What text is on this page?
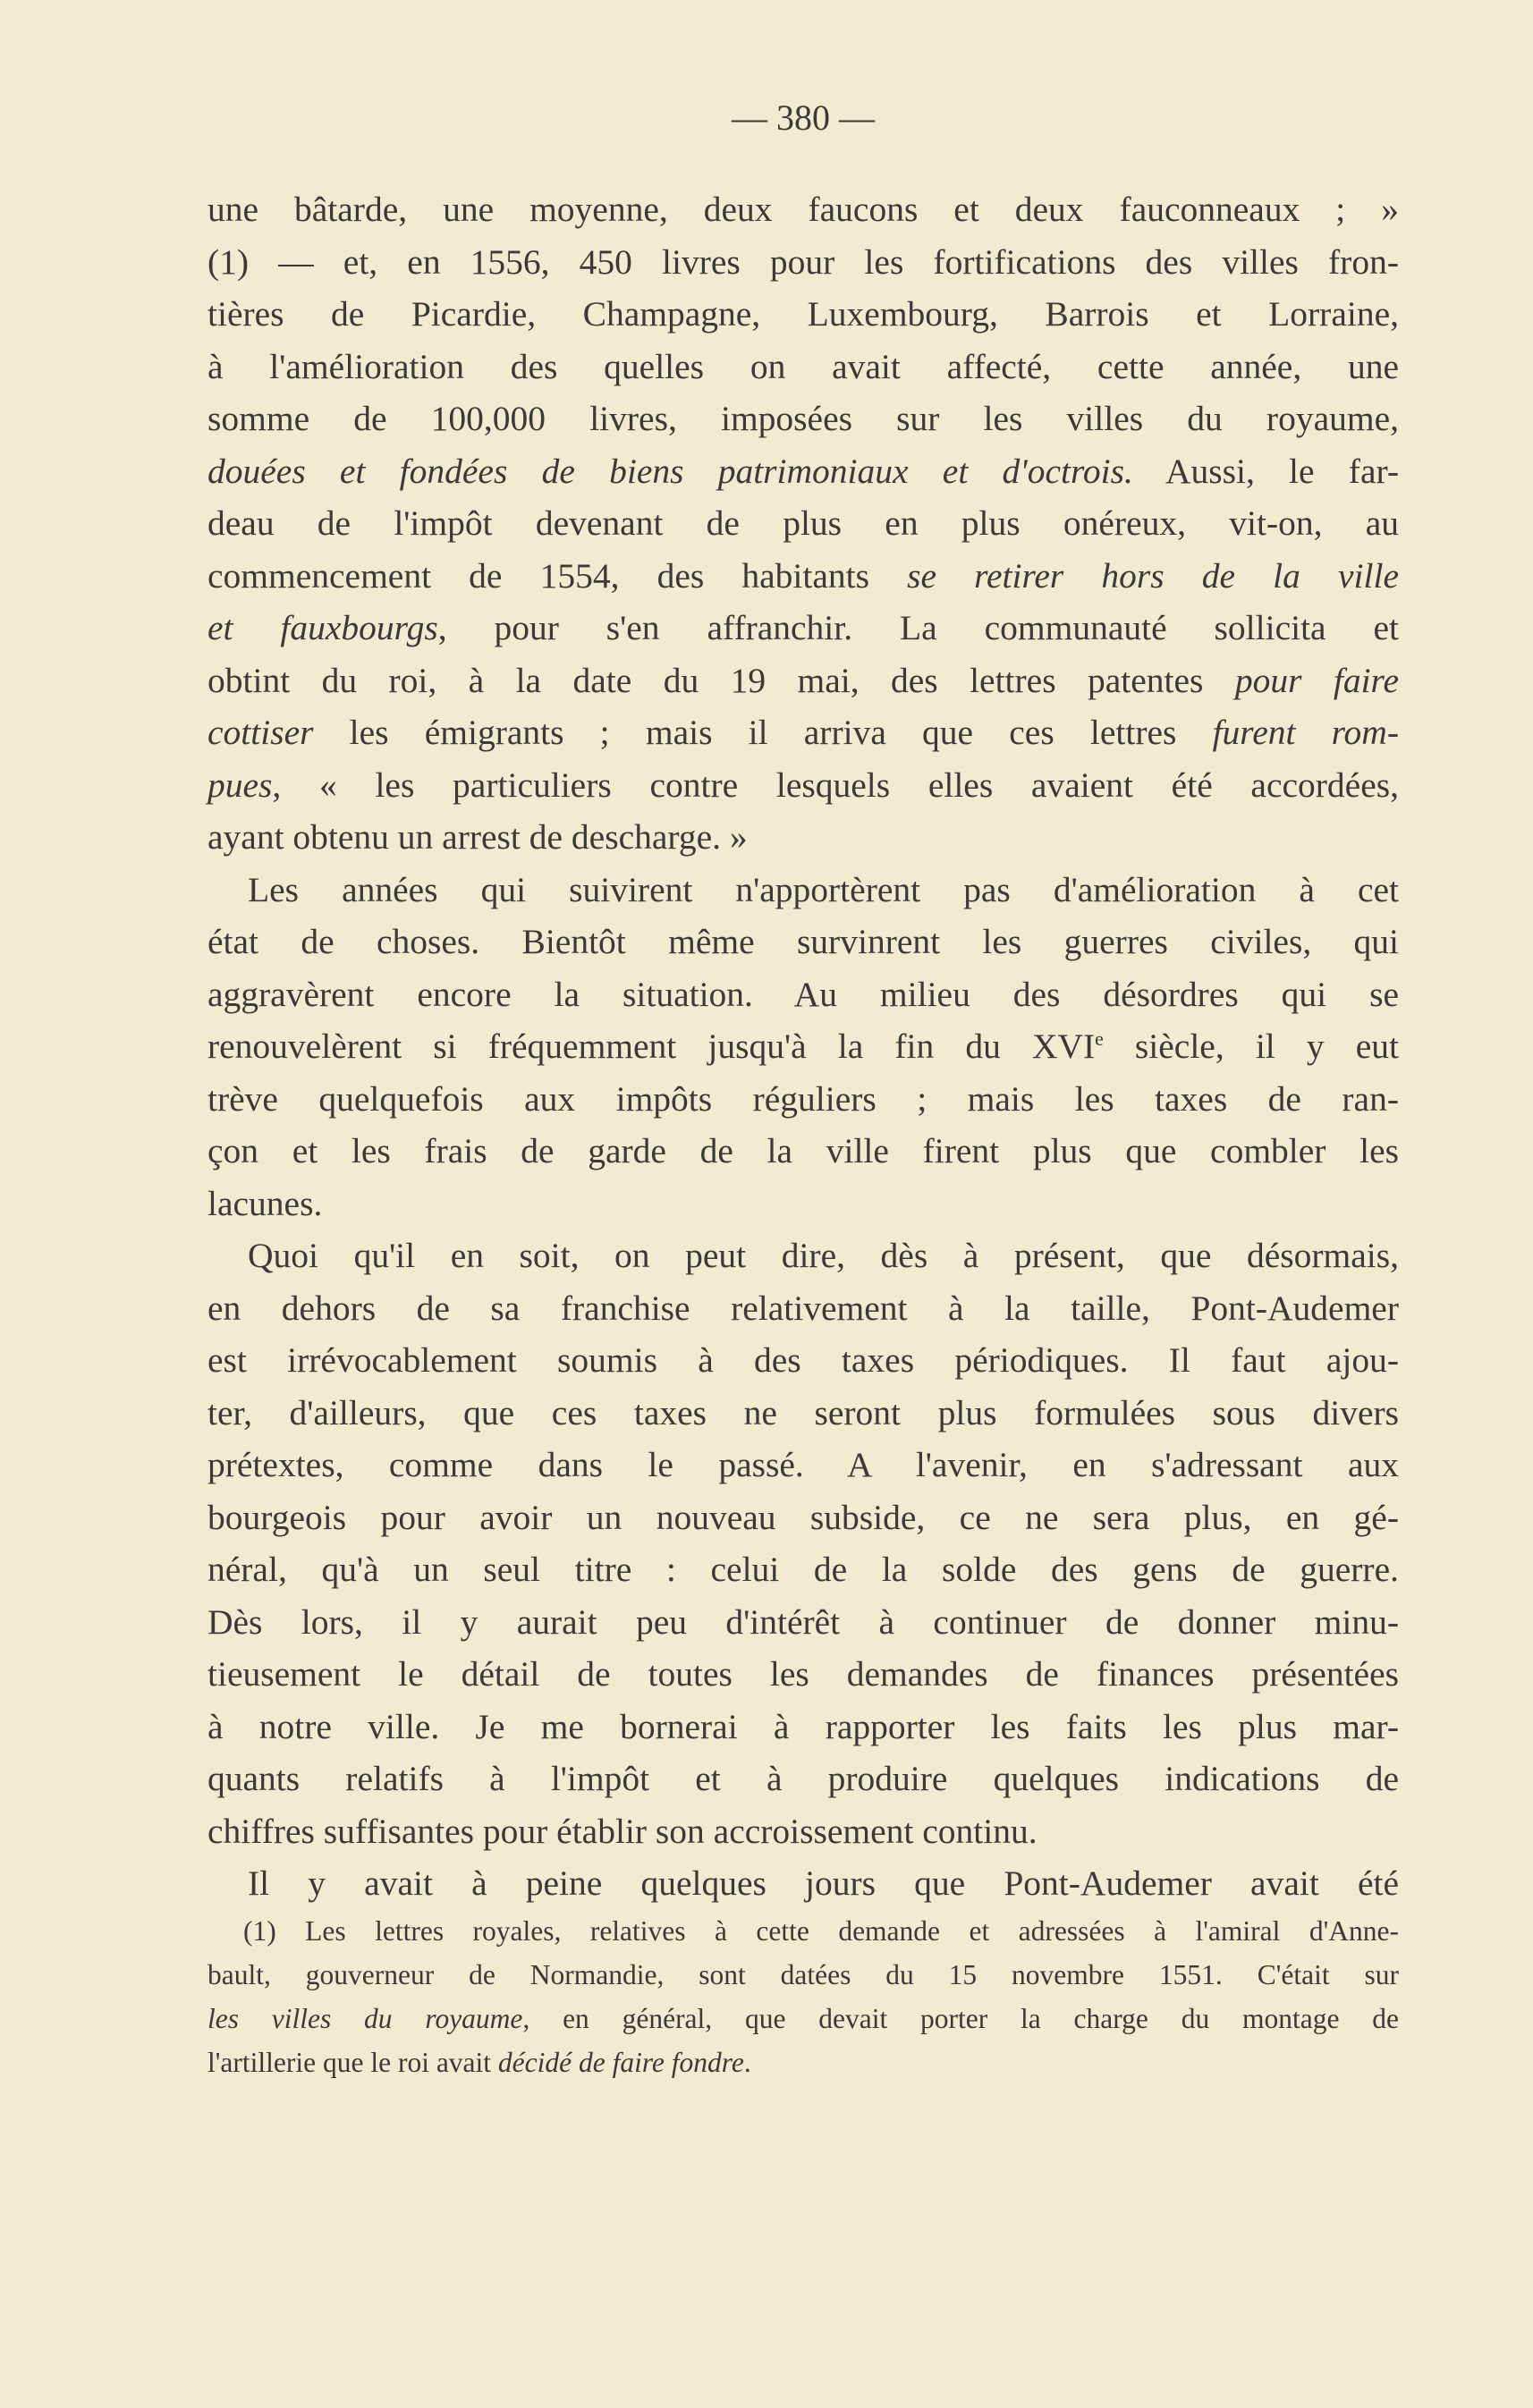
— 380 —
une bâtarde, une moyenne, deux faucons et deux fauconneaux ; »
(1) — et, en 1556, 450 livres pour les fortifications des villes fron-
tières de Picardie, Champagne, Luxembourg, Barrois et Lorraine,
à l'amélioration des quelles on avait affecté, cette année, une
somme de 100,000 livres, imposées sur les villes du royaume,
douées et fondées de biens patrimoniaux et d'octrois. Aussi, le far-
deau de l'impôt devenant de plus en plus onéreux, vit-on, au
commencement de 1554, des habitants se retirer hors de la ville
et fauxbourgs, pour s'en affranchir. La communauté sollicita et
obtint du roi, à la date du 19 mai, des lettres patentes pour faire
cottiser les émigrants ; mais il arriva que ces lettres furent rom-
pues, « les particuliers contre lesquels elles avaient été accordées,
ayant obtenu un arrest de descharge. »
Les années qui suivirent n'apportèrent pas d'amélioration à cet
état de choses. Bientôt même survinrent les guerres civiles, qui
aggravèrent encore la situation. Au milieu des désordres qui se
renouvelèrent si fréquemment jusqu'à la fin du XVIe siècle, il y eut
trève quelquefois aux impôts réguliers ; mais les taxes de ran-
çon et les frais de garde de la ville firent plus que combler les
lacunes.
Quoi qu'il en soit, on peut dire, dès à présent, que désormais,
en dehors de sa franchise relativement à la taille, Pont-Audemer
est irrévocablement soumis à des taxes périodiques. Il faut ajou-
ter, d'ailleurs, que ces taxes ne seront plus formulées sous divers
prétextes, comme dans le passé. A l'avenir, en s'adressant aux
bourgeois pour avoir un nouveau subside, ce ne sera plus, en gé-
néral, qu'à un seul titre : celui de la solde des gens de guerre.
Dès lors, il y aurait peu d'intérêt à continuer de donner minu-
tieusement le détail de toutes les demandes de finances présentées
à notre ville. Je me bornerai à rapporter les faits les plus mar-
quants relatifs à l'impôt et à produire quelques indications de
chiffres suffisantes pour établir son accroissement continu.
Il y avait à peine quelques jours que Pont-Audemer avait été
(1) Les lettres royales, relatives à cette demande et adressées à l'amiral d'Anne-
bault, gouverneur de Normandie, sont datées du 15 novembre 1551. C'était sur
les villes du royaume, en général, que devait porter la charge du montage de
l'artillerie que le roi avait décidé de faire fondre.
